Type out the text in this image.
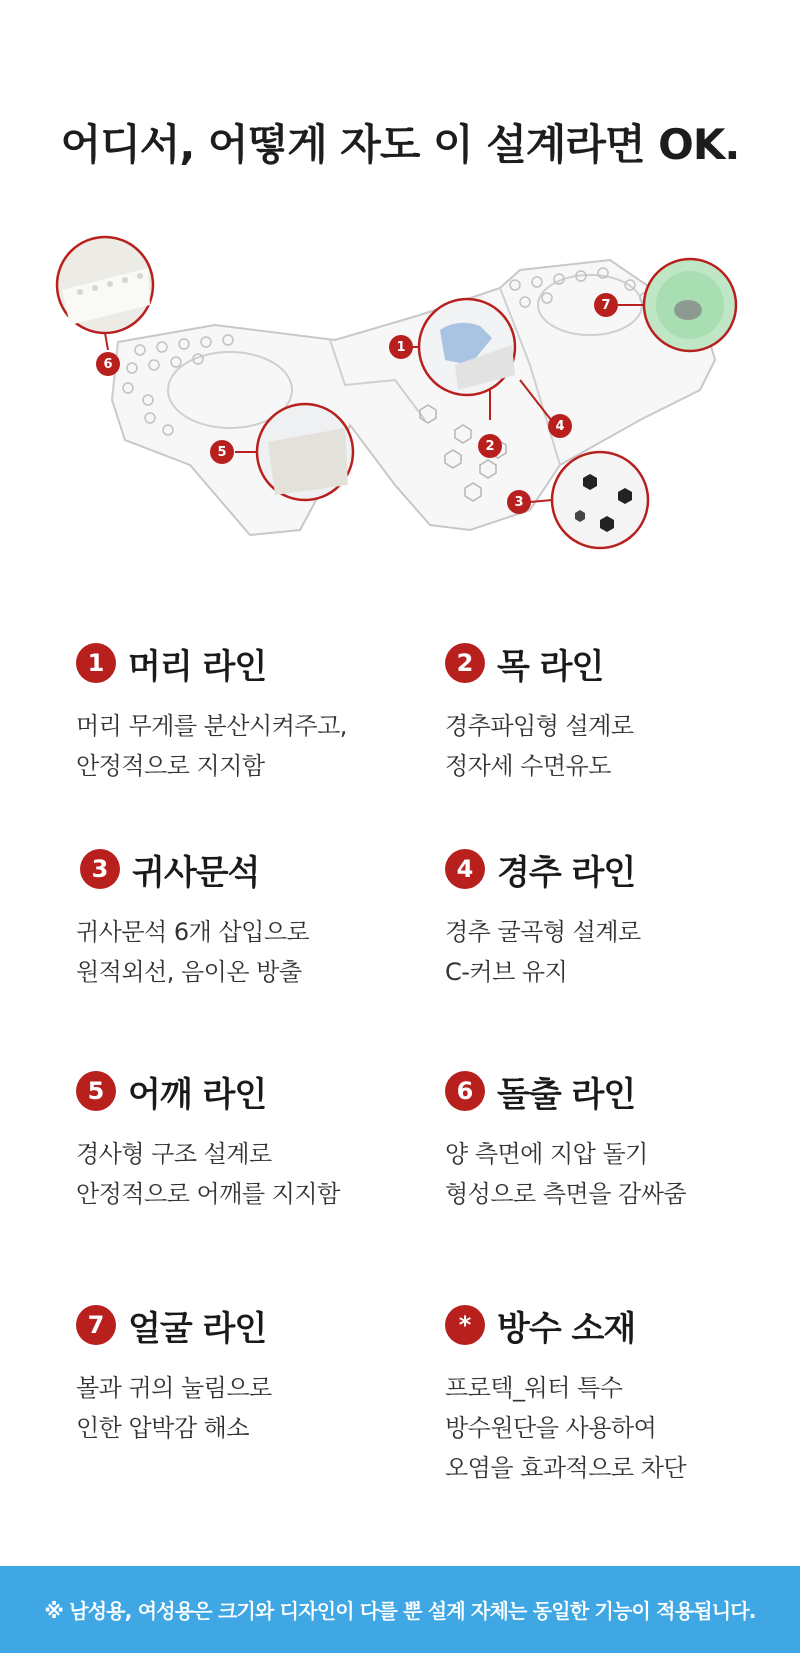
어디서, 어떻게 자도 이 설계라면 OK.
1
2
3
4
5
6
7
1 머리 라인
머리 무게를 분산시켜주고,
안정적으로 지지함
2 목 라인
경추파임형 설계로
정자세 수면유도
3 귀사문석
귀사문석 6개 삽입으로
원적외선, 음이온 방출
4 경추 라인
경추 굴곡형 설계로
C-커브 유지
5 어깨 라인
경사형 구조 설계로
안정적으로 어깨를 지지함
6 돌출 라인
양 측면에 지압 돌기
형성으로 측면을 감싸줌
7 얼굴 라인
볼과 귀의 눌림으로
인한 압박감 해소
* 방수 소재
프로텍_워터 특수
방수원단을 사용하여
오염을 효과적으로 차단
※ 남성용, 여성용은 크기와 디자인이 다를 뿐 설계 자체는 동일한 기능이 적용됩니다.
